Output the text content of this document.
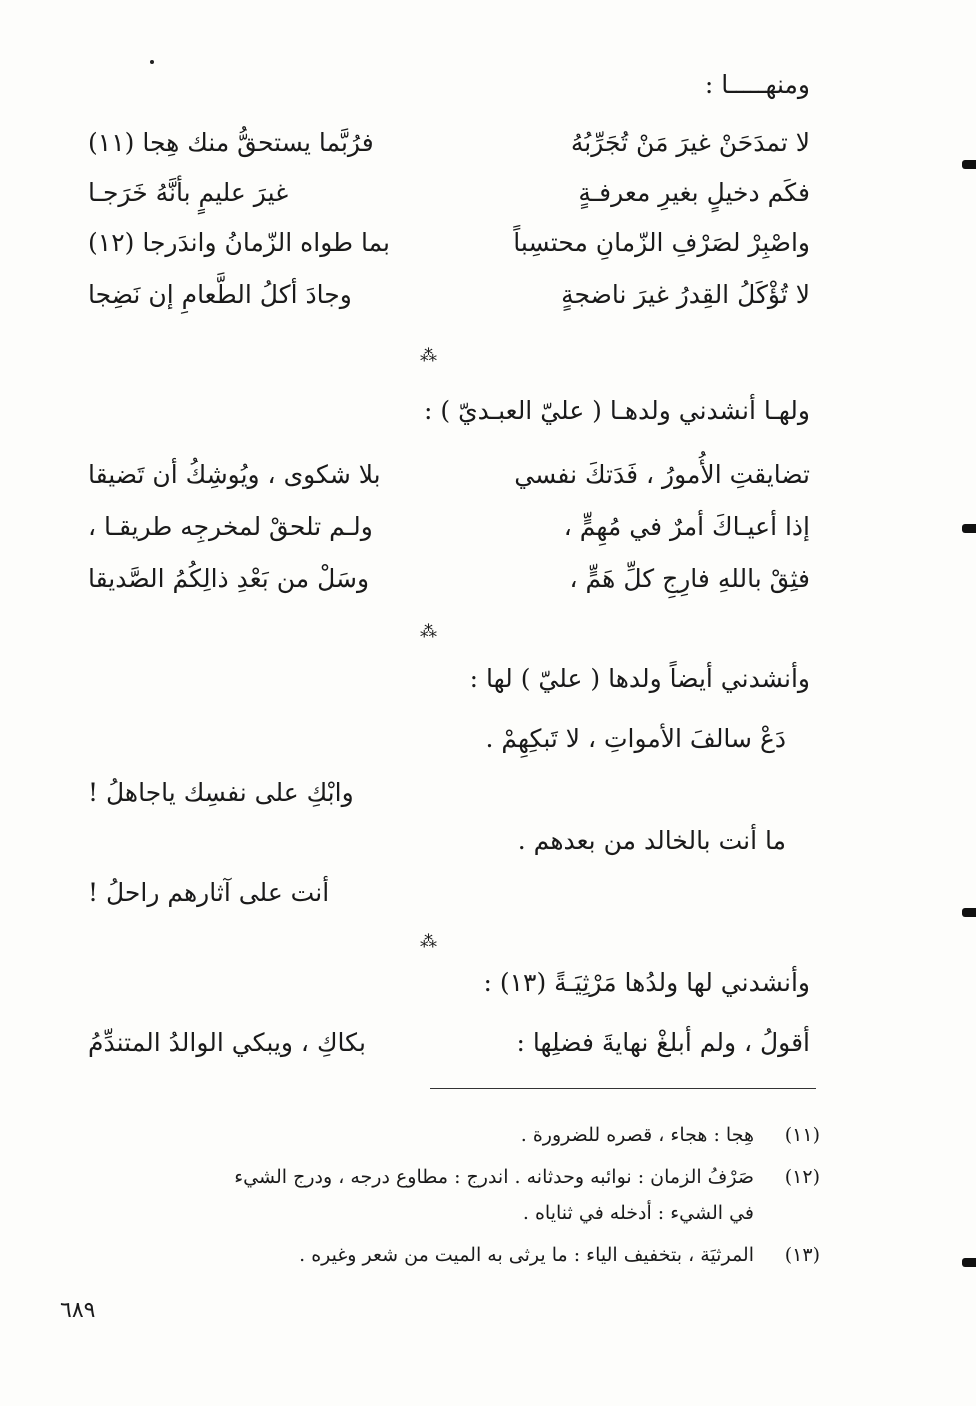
ومنهـــــا :
لا تمدَحَنْ غيرَ مَنْ تُجَرِّبُهُ
فرُبَّما يستحقُّ منك هِجا (١١)
فكَم دخيلٍ بغيرِ معرفـةٍ
غيرَ عليمٍ بأنَّهُ خَرَجـا
واصْبِرْ لصَرْفِ الزّمانِ محتسِباً
بما طواه الزّمانُ واندَرجا (١٢)
لا تُؤْكَلُ القِدرُ غيرَ ناضجةٍ
وجادَ أكلُ الطَّعامِ إن نَضِجا
⁂
ولهـا أنشدني ولدهـا ( عليّ العبـديّ ) :
تضايقتِ الأُمورُ ، فَدَتكَ نفسي
بلا شكوى ، ويُوشِكُ أن تَضيقا
إذا أعيـاكَ أمرٌ في مُهِمٍّ ،
ولـم تلحقْ لمخرجِه طريقـا ،
فثِقْ باللهِ فارِجِ كلِّ هَمٍّ ،
وسَلْ من بَعْدِ ذالِكُمُ الصَّديقا
⁂
وأنشدني أيضاً ولدها ( عليّ ) لها :
دَعْ سالفَ الأمواتِ ، لا تَبكِهِمْ .
وابْكِ على نفسِك ياجاهلُ !
ما أنت بالخالد من بعدهم .
أنت على آثارهم راحلُ !
⁂
وأنشدني لها ولدُها مَرْثِيَـةً (١٣) :
أقولُ ، ولم أبلغْ نهايةَ فضلِها :
بكاكِ ، ويبكي الوالدُ المتندِّمُ
(١١)
هِجا : هجاء ، قصره للضرورة .
(١٢)
صَرْفُ الزمان : نوائبه وحدثانه . اندرج : مطاوع درجه ، ودرج الشيء
في الشيء : أدخله في ثناياه .
(١٣)
المرثيَة ، بتخفيف الياء : ما يرثى به الميت من شعر وغيره .
٦٨٩
